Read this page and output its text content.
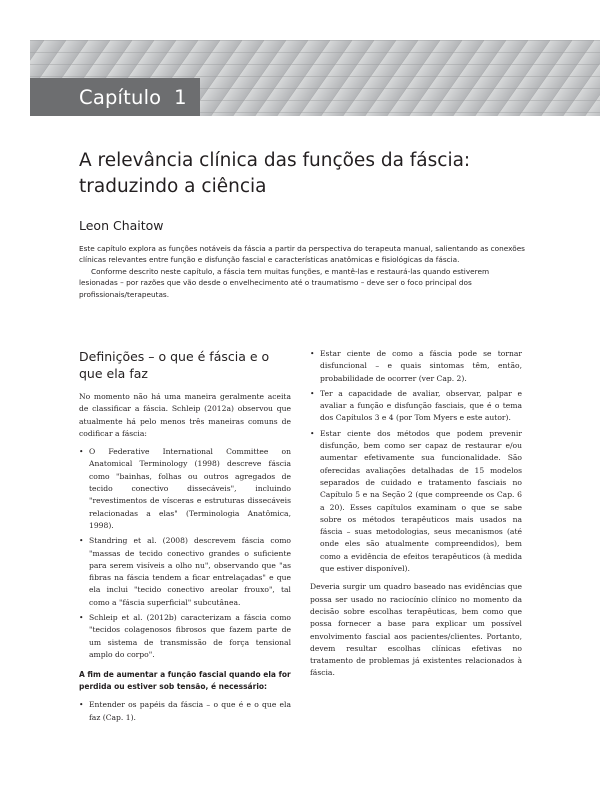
Capítulo  1
A relevância clínica das funções da fáscia: traduzindo a ciência
Leon Chaitow

Este capítulo explora as funções notáveis da fáscia a partir da perspectiva do terapeuta manual, salientando as conexões clínicas relevantes entre função e disfunção fascial e características anatômicas e fisiológicas da fáscia.

Conforme descrito neste capítulo, a fáscia tem muitas funções, e mantê-las e restaurá-las quando estiverem lesionadas – por razões que vão desde o envelhecimento até o traumatismo – deve ser o foco principal dos profissionais/terapeutas.

Definições – o que é fáscia e o que ela faz

No momento não há uma maneira geralmente aceita de classificar a fáscia. Schleip (2012a) observou que atualmente há pelo menos três maneiras comuns de codificar a fáscia:

• O Federative International Committee on Anatomical Terminology (1998) descreve fáscia como "bainhas, folhas ou outros agregados de tecido conectivo dissecáveis", incluindo "revestimentos de vísceras e estruturas dissecáveis relacionadas a elas" (Terminologia Anatômica, 1998).
• Standring et al. (2008) descrevem fáscia como "massas de tecido conectivo grandes o suficiente para serem visíveis a olho nu", observando que "as fibras na fáscia tendem a ficar entrelaçadas" e que ela inclui "tecido conectivo areolar frouxo", tal como a "fáscia superficial" subcutânea.
• Schleip et al. (2012b) caracterizam a fáscia como "tecidos colagenosos fibrosos que fazem parte de um sistema de transmissão de força tensional amplo do corpo".
A fim de aumentar a função fascial quando ela for perdida ou estiver sob tensão, é necessário:
• Entender os papéis da fáscia – o que é e o que ela faz (Cap. 1).
• Estar ciente de como a fáscia pode se tornar disfuncional – e quais sintomas têm, então, probabilidade de ocorrer (ver Cap. 2).
• Ter a capacidade de avaliar, observar, palpar e avaliar a função e disfunção fasciais, que é o tema dos Capítulos 3 e 4 (por Tom Myers e este autor).
• Estar ciente dos métodos que podem prevenir disfunção, bem como ser capaz de restaurar e/ou aumentar efetivamente sua funcionalidade. São oferecidas avaliações detalhadas de 15 modelos separados de cuidado e tratamento fasciais no Capítulo 5 e na Seção 2 (que compreende os Cap. 6 a 20). Esses capítulos examinam o que se sabe sobre os métodos terapêuticos mais usados na fáscia – suas metodologias, seus mecanismos (até onde eles são atualmente compreendidos), bem como a evidência de efeitos terapêuticos (à medida que estiver disponível).

Deveria surgir um quadro baseado nas evidências que possa ser usado no raciocínio clínico no momento da decisão sobre escolhas terapêuticas, bem como que possa fornecer a base para explicar um possível envolvimento fascial aos pacientes/clientes. Portanto, devem resultar escolhas clínicas efetivas no tratamento de problemas já existentes relacionados à fáscia.
